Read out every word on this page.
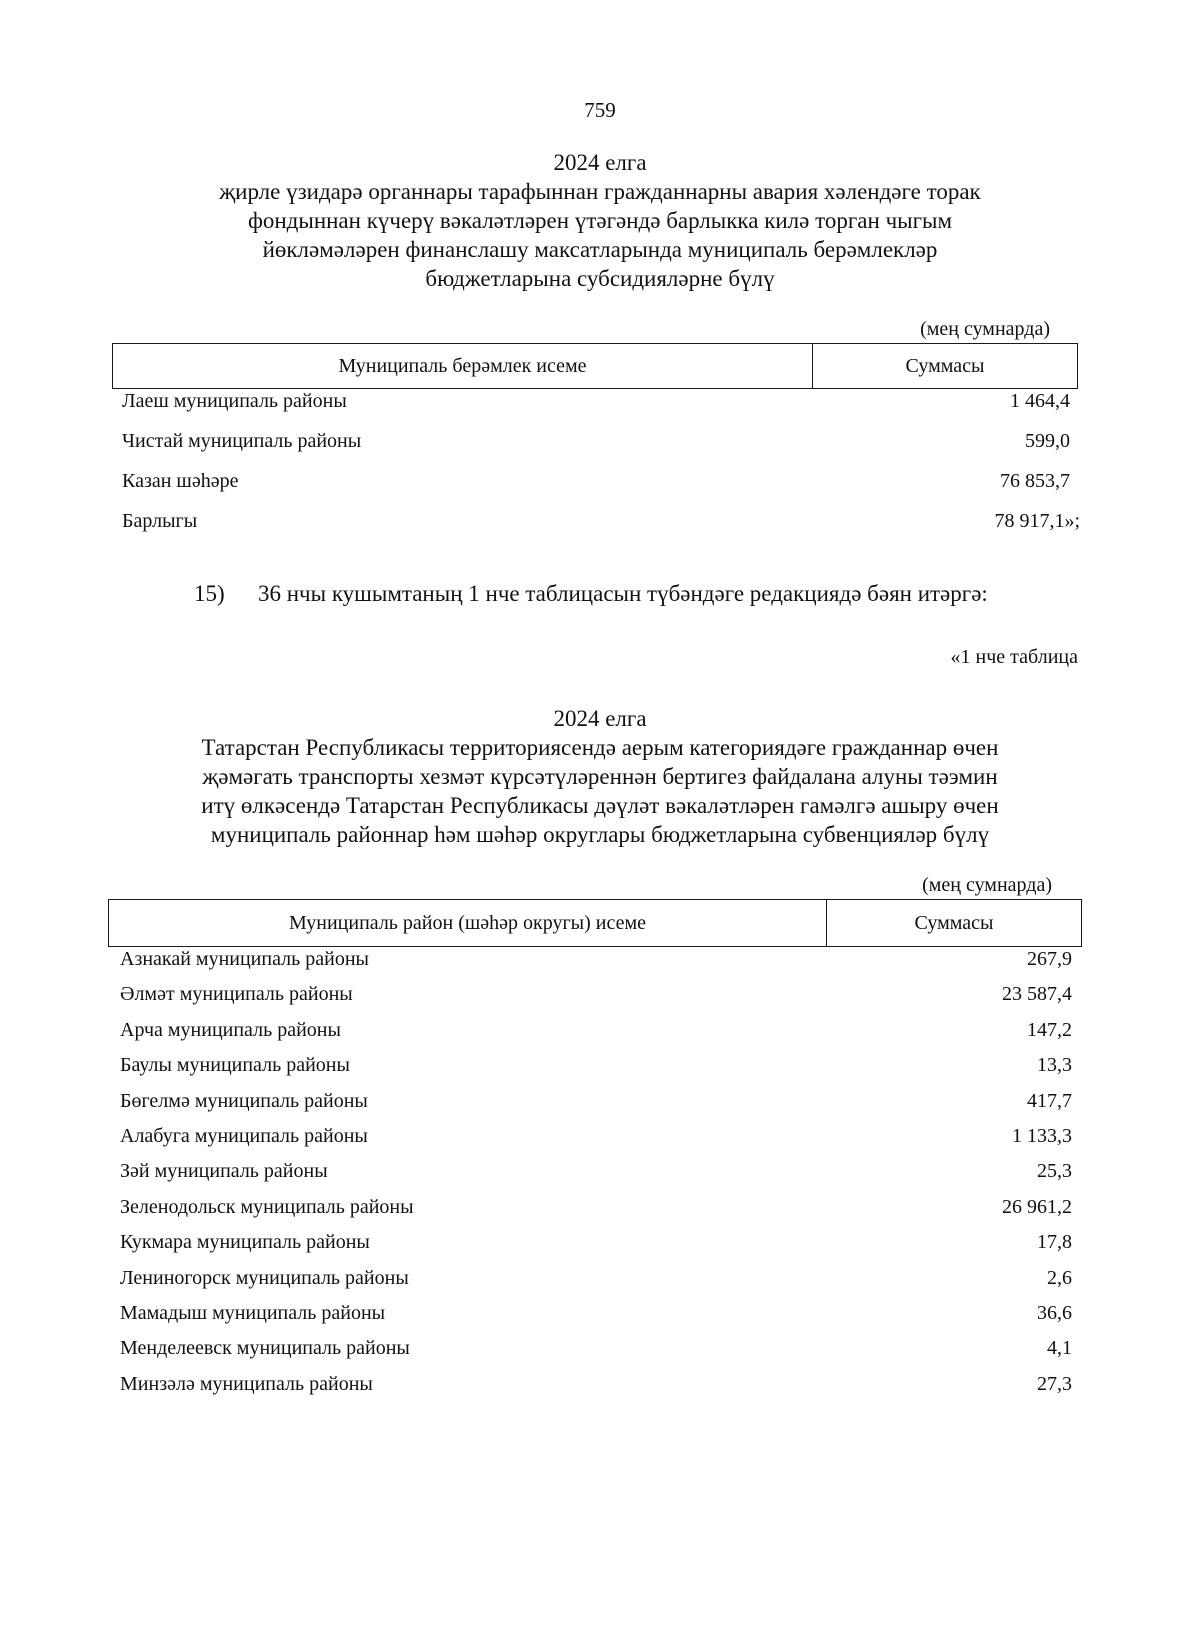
759
2024 елга
җирле үзидарә органнары тарафыннан гражданнарны авария хәлендәге торак
фондыннан күчерү вәкаләтләрен үтәгәндә барлыкка килә торган чыгым
йөкләмәләрен финанслашу максатларында муниципаль берәмлекләр
бюджетларына субсидияләрне бүлү
(мең сумнарда)
Муниципаль берәмлек исеме	Суммасы
Лаеш муниципаль районы	1 464,4
Чистай муниципаль районы	599,0
Казан шәһәре	76 853,7
Барлыгы	78 917,1»;
15) 36 нчы кушымтаның 1 нче таблицасын түбәндәге редакциядә бәян итәргә:
«1 нче таблица
2024 елга
Татарстан Республикасы территориясендә аерым категориядәге гражданнар өчен
җәмәгать транспорты хезмәт күрсәтүләреннән бертигез файдалана алуны тәэмин
итү өлкәсендә Татарстан Республикасы дәүләт вәкаләтләрен гамәлгә ашыру өчен
муниципаль районнар һәм шәһәр округлары бюджетларына субвенцияләр бүлү
(мең сумнарда)
Муниципаль район (шәһәр округы) исеме	Суммасы
Азнакай муниципаль районы	267,9
Әлмәт муниципаль районы	23 587,4
Арча муниципаль районы	147,2
Баулы муниципаль районы	13,3
Бөгелмә муниципаль районы	417,7
Алабуга муниципаль районы	1 133,3
Зәй муниципаль районы	25,3
Зеленодольск муниципаль районы	26 961,2
Кукмара муниципаль районы	17,8
Лениногорск муниципаль районы	2,6
Мамадыш муниципаль районы	36,6
Менделеевск муниципаль районы	4,1
Минзәлә муниципаль районы	27,3
